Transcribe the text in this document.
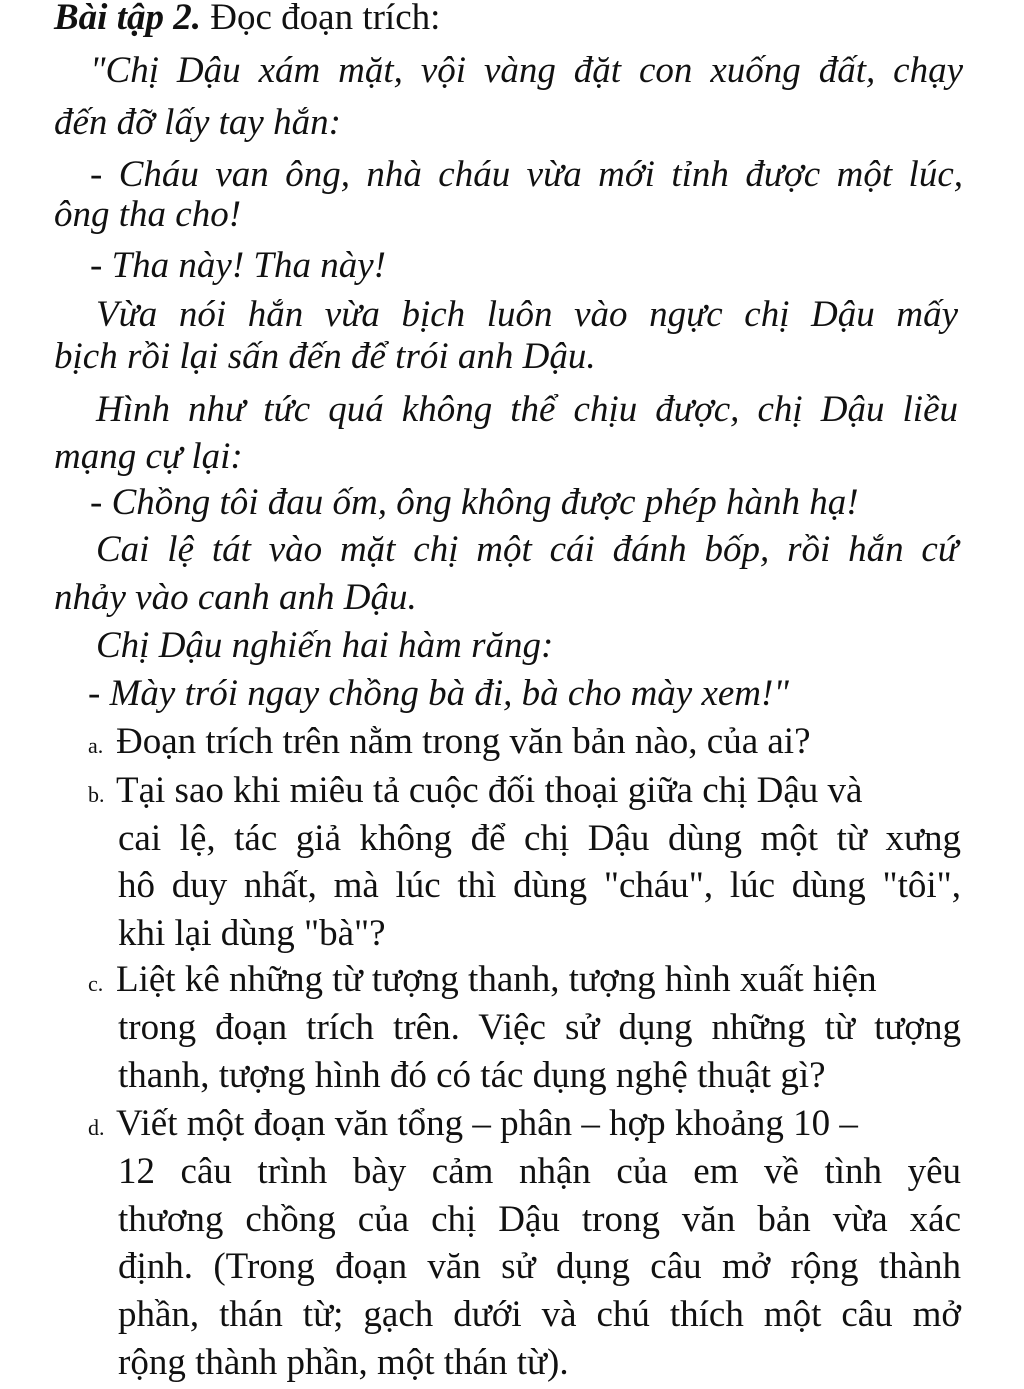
Bài tập 2. Đọc đoạn trích:
"Chị Dậu xám mặt, vội vàng đặt con xuống đất, chạy
đến đỡ lấy tay hắn:
- Cháu van ông, nhà cháu vừa mới tỉnh được một lúc,
ông tha cho!
- Tha này! Tha này!
Vừa nói hắn vừa bịch luôn vào ngực chị Dậu mấy
bịch rồi lại sấn đến để trói anh Dậu.
Hình như tức quá không thể chịu được, chị Dậu liều
mạng cự lại:
- Chồng tôi đau ốm, ông không được phép hành hạ!
Cai lệ tát vào mặt chị một cái đánh bốp, rồi hắn cứ
nhảy vào canh anh Dậu.
Chị Dậu nghiến hai hàm răng:
- Mày trói ngay chồng bà đi, bà cho mày xem!"
a. Đoạn trích trên nằm trong văn bản nào, của ai?
b. Tại sao khi miêu tả cuộc đối thoại giữa chị Dậu và
cai lệ, tác giả không để chị Dậu dùng một từ xưng
hô duy nhất, mà lúc thì dùng "cháu", lúc dùng "tôi",
khi lại dùng "bà"?
c. Liệt kê những từ tượng thanh, tượng hình xuất hiện
trong đoạn trích trên. Việc sử dụng những từ tượng
thanh, tượng hình đó có tác dụng nghệ thuật gì?
d. Viết một đoạn văn tổng – phân – hợp khoảng 10 –
12 câu trình bày cảm nhận của em về tình yêu
thương chồng của chị Dậu trong văn bản vừa xác
định. (Trong đoạn văn sử dụng câu mở rộng thành
phần, thán từ; gạch dưới và chú thích một câu mở
rộng thành phần, một thán từ).
